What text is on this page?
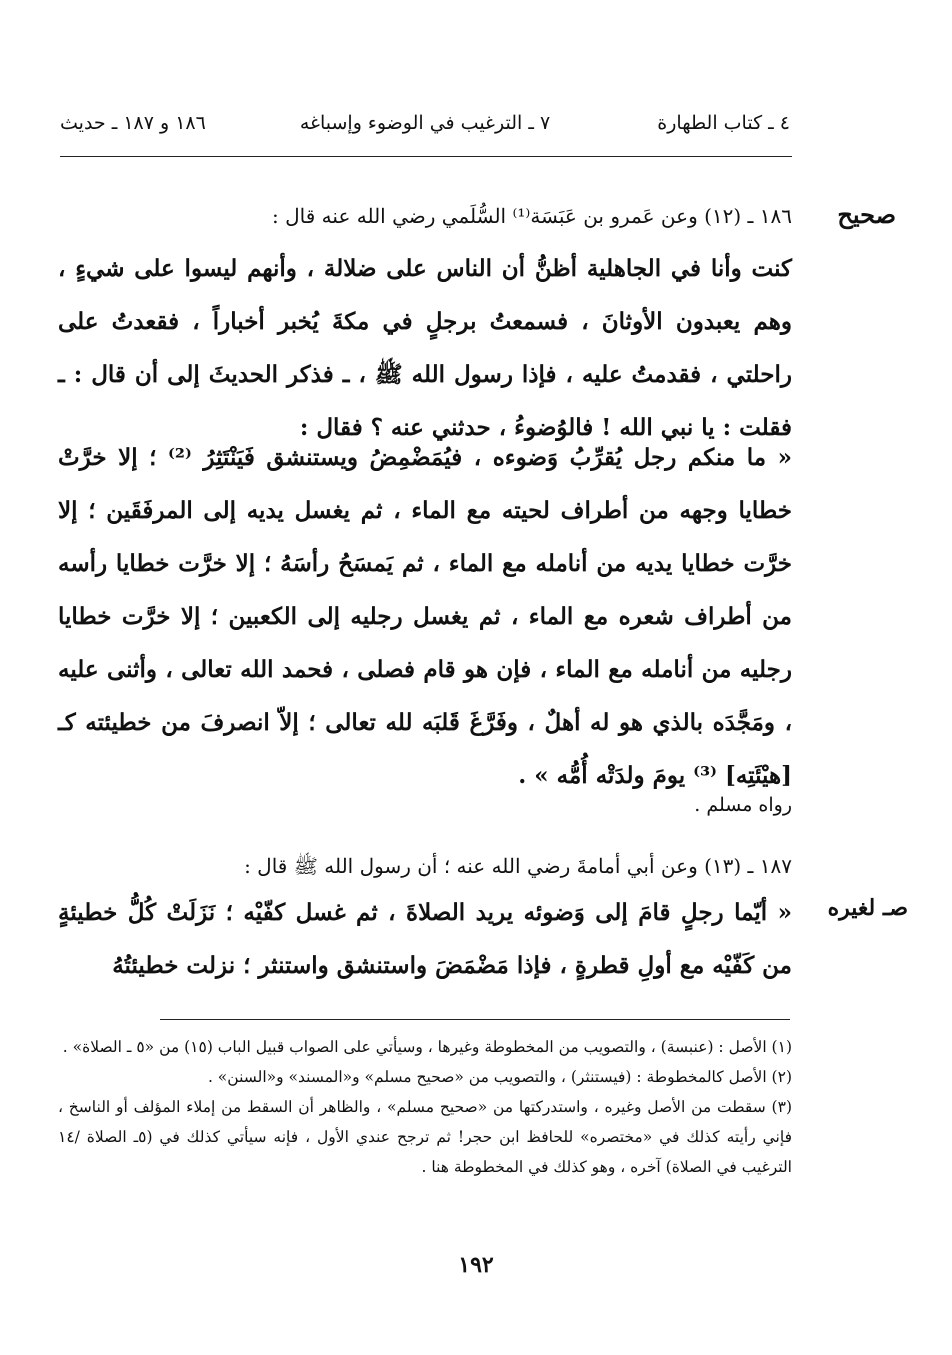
٤ ـ كتاب الطهارة
٧ ـ الترغيب في الوضوء وإسباغه
١٨٦ و ١٨٧ ـ حديث
صحيح
١٨٦ ـ (١٢) وعن عَمرو بن عَبَسَة⁽¹⁾ السُّلَمي رضي الله عنه قال :
كنت وأنا في الجاهلية أظنُّ أن الناس على ضلالة ، وأنهم ليسوا على شيءٍ ، وهم يعبدون الأوثانَ ، فسمعتُ برجلٍ في مكةَ يُخبر أخباراً ، فقعدتُ على راحلتي ، فقدمتُ عليه ، فإذا رسول الله ﷺ ، ـ فذكر الحديثَ إلى أن قال : ـ فقلت : يا نبي الله ! فالوُضوءُ ، حدثني عنه ؟ فقال :
« ما منكم رجل يُقرِّبُ وَضوءه ، فيُمَضْمِضُ ويستنشق فَيَنْتَثِرُ ⁽²⁾ ؛ إلا خرَّتْ خطايا وجهه من أطراف لحيته مع الماء ، ثم يغسل يديه إلى المرفَقَين ؛ إلا خرَّت خطايا يديه من أنامله مع الماء ، ثم يَمسَحُ رأسَهُ ؛ إلا خرَّت خطايا رأسه من أطراف شعره مع الماء ، ثم يغسل رجليه إلى الكعبين ؛ إلا خرَّت خطايا رجليه من أنامله مع الماء ، فإن هو قام فصلى ، فحمد الله تعالى ، وأثنى عليه ، ومَجَّدَه بالذي هو له أهلٌ ، وفَرَّغَ قَلبَه لله تعالى ؛ إلاّ انصرفَ من خطيئته كـ [هيْئَتِه] ⁽³⁾ يومَ ولدَتْه أُمُّه » .
رواه مسلم .
صـ لغيره
١٨٧ ـ (١٣) وعن أبي أمامةَ رضي الله عنه ؛ أن رسول الله ﷺ قال :
« أيّما رجلٍ قامَ إلى وَضوئه يريد الصلاةَ ، ثم غسل كفّيْه ؛ نَزَلَتْ كُلُّ خطيئةٍ من كَفّيْه مع أولِ قطرةٍ ، فإذا مَضْمَضَ واستنشق واستنثر ؛ نزلت خطيئتُهُ

(١) الأصل : (عنبسة) ، والتصويب من المخطوطة وغيرها ، وسيأتي على الصواب قبيل الباب (١٥) من «٥ ـ الصلاة» .

(٢) الأصل كالمخطوطة : (فيستنثر) ، والتصويب من «صحيح مسلم» و«المسند» و«السنن» .

(٣) سقطت من الأصل وغيره ، واستدركتها من «صحيح مسلم» ، والظاهر أن السقط من إملاء المؤلف أو الناسخ ، فإني رأيته كذلك في «مختصره» للحافظ ابن حجر! ثم ترجح عندي الأول ، فإنه سيأتي كذلك في (٥ـ الصلاة /١٤ الترغيب في الصلاة) آخره ، وهو كذلك في المخطوطة هنا .

١٩٢
